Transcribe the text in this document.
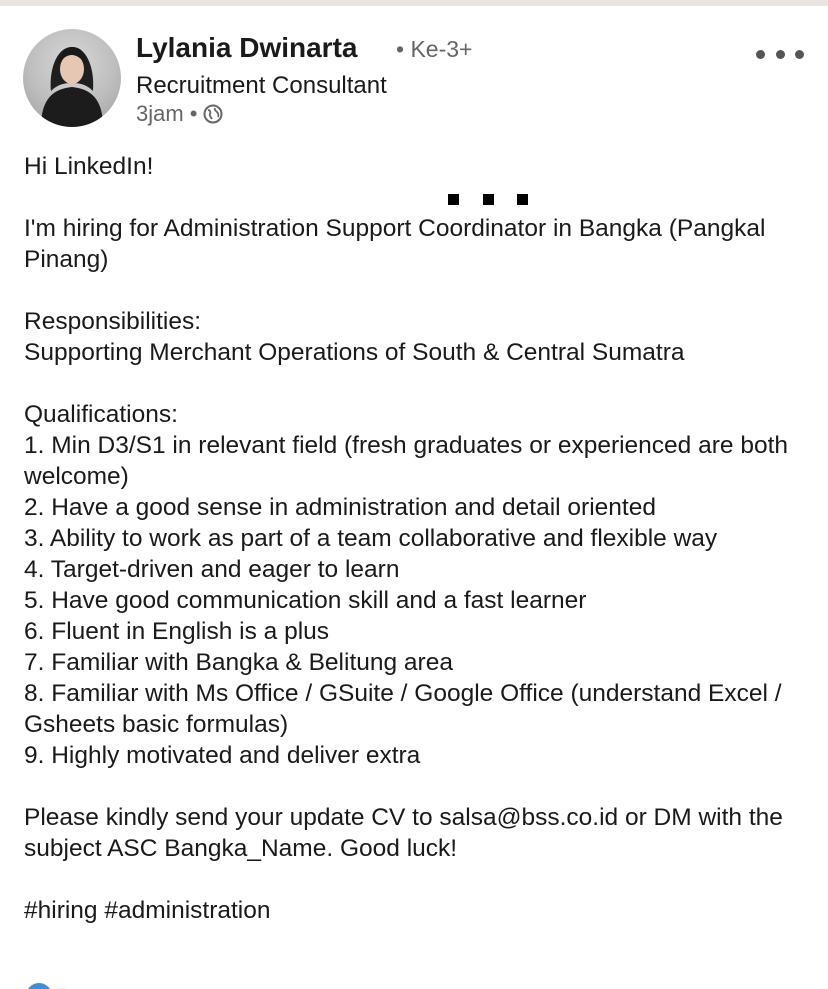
Lylania Dwinarta • Ke-3+
Recruitment Consultant
3jam •

Hi LinkedIn!

I'm hiring for Administration Support Coordinator in Bangka (Pangkal Pinang)

Responsibilities:

Supporting Merchant Operations of South & Central Sumatra

Qualifications:

1. Min D3/S1 in relevant field (fresh graduates or experienced are both welcome)

2. Have a good sense in administration and detail oriented

3. Ability to work as part of a team collaborative and flexible way

4. Target-driven and eager to learn

5. Have good communication skill and a fast learner

6. Fluent in English is a plus

7. Familiar with Bangka & Belitung area

8. Familiar with Ms Office / GSuite / Google Office (understand Excel / Gsheets basic formulas)

9. Highly motivated and deliver extra

Please kindly send your update CV to salsa@bss.co.id or DM with the subject ASC Bangka_Name. Good luck!

#hiring #administration
